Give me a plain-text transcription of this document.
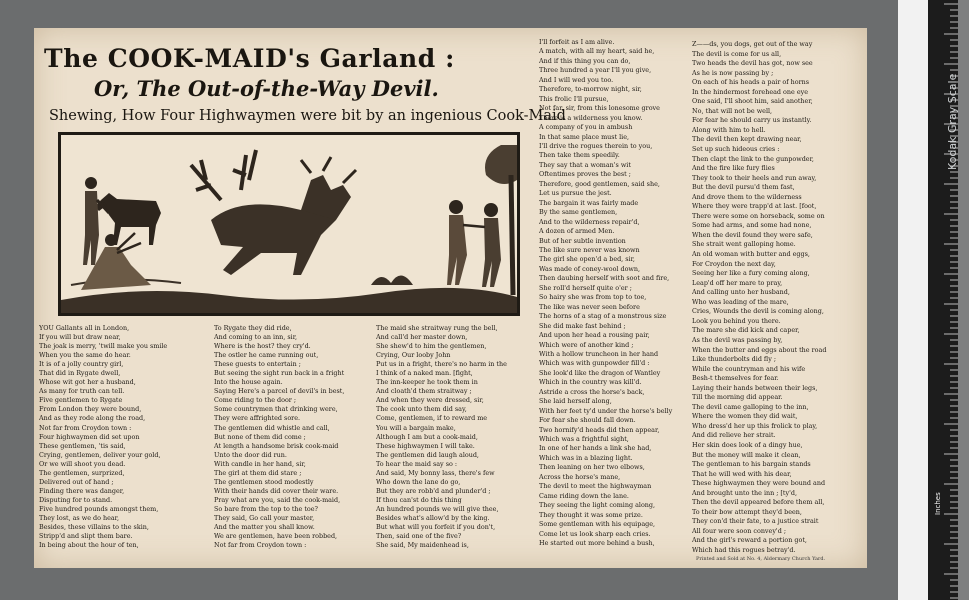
The COOK-MAID's Garland :
Or, The Out-of-the-Way Devil.
Shewing, How Four Highwaymen were bit by an ingenious Cook-Maid
YOU Gallants all in London,
If you will but draw near,
The joak is merry, 'twill make you smile
When you the same do hear.
It is of a jolly country girl,
That did in Rygate dwell,
Whose wit got her a husband,
As many for truth can tell.
Five gentlemen to Rygate
From London they were bound,
And as they rode along the road,
Not far from Croydon town :
Four highwaymen did set upon
These gentlemen, 'tis said,
Crying, gentlemen, deliver your gold,
Or we will shoot you dead.
The gentlemen, surprized,
Delivered out of hand ;
Finding there was danger,
Disputing for to stand.
Five hundred pounds amongst them,
They lost, as we do hear,
Besides, these villains to the skin,
Stripp'd and slipt them bare.
In being about the hour of ten,
To Rygate they did ride,
And coming to an inn, sir,
Where is the host? they cry'd.
The ostler he came running out,
These guests to entertain ;
But seeing the sight run back in a fright
Into the house again.
Saying Here's a parcel of devil's in best,
Come riding to the door ;
Some countrymen that drinking were,
They were affrighted sore.
The gentlemen did whistle and call,
But none of them did come ;
At length a handsome brisk cook-maid
Unto the door did run.
With candle in her hand, sir,
The girl at them did stare ;
The gentlemen stood modestly
With their hands did cover their ware.
Pray what are you, said the cook-maid,
So bare from the top to the toe?
They said, Go call your master,
And the matter you shall know.
We are gentlemen, have been robbed,
Not far from Croydon town :
The maid she straitway rung the bell,
And call'd her master down,
She shew'd to him the gentlemen,
Crying, Our looby John
Put us in a fright, there's no harm in the
I think of a naked man. [fight,
The inn-keeper he took them in
And cloath'd them straitway ;
And when they were dressed, sir,
The cook unto them did say,
Come, gentlemen, if to reward me
You will a bargain make,
Although I am but a cook-maid,
These highwaymen I will take.
The gentlemen did laugh aloud,
To hear the maid say so :
And said, My bonny lass, there's few
Who down the lane do go,
But they are robb'd and plunder'd ;
If thou can'st do this thing
An hundred pounds we will give thee,
Besides what's allow'd by the king.
But what will you forfeit if you don't,
Then, said one of the five?
She said, My maidenhead is,
I'll forfeit as I am alive.
A match, with all my heart, said he,
And if this thing you can do,
Three hundred a year I'll you give,
And I will wed you too.
Therefore, to-morrow night, sir,
This frolic I'll pursue,
Not far, sir, from this lonesome grove
There is a wilderness you know.
A company of you in ambush
In that same place must lie,
I'll drive the rogues therein to you,
Then take them speedily.
They say that a woman's wit
Oftentimes proves the best ;
Therefore, good gentlemen, said she,
Let us pursue the jest.
The bargain it was fairly made
By the same gentlemen,
And to the wilderness repair'd,
A dozen of armed Men.
But of her subtle invention
The like sure never was known
The girl she open'd a bed, sir,
Was made of coney-wool down,
Then daubing herself with soot and fire,
She roll'd herself quite o'er ;
So hairy she was from top to toe,
The like was never seen before
The horns of a stag of a monstrous size
She did make fast behind ;
And upon her head a rousing pair,
Which were of another kind ;
With a hollow truncheon in her hand
Which was with gunpowder fill'd :
She look'd like the dragon of Wantley
Which in the country was kill'd.
Astride a cross the horse's back,
She laid herself along,
With her feet ty'd under the horse's belly
For fear she should fall down.
Two hornify'd heads did then appear,
Which was a frightful sight,
In one of her hands a link she had,
Which was in a blazing light.
Then leaning on her two elbows,
Across the horse's mane,
The devil to meet the highwayman
Came riding down the lane.
They seeing the light coming along,
They thought it was some prize.
Some gentleman with his equipage,
Come let us look sharp each cries.
He started out more behind a bush,
Z——ds, you dogs, get out of the way
The devil is come for us all,
Two heads the devil has got, now see
As he is now passing by ;
On each of his heads a pair of horns
In the hindermost forehead one eye
One said, I'll shoot him, said another,
No, that will not be well,
For fear he should carry us instantly.
Along with him to hell.
The devil then kept drawing near,
Set up such hideous cries :
Then clapt the link to the gunpowder,
And the fire like fury flies
They took to their heels and run away,
But the devil pursu'd them fast,
And drove them to the wilderness
Where they were trapp'd at last. [foot,
There were some on horseback, some on
Some had arms, and some had none,
When the devil found they were safe,
She strait went galloping home.
An old woman with butter and eggs,
For Croydon the next day,
Seeing her like a fury coming along,
Leap'd off her mare to pray,
And calling unto her husband,
Who was leading of the mare,
Cries, Wounds the devil is coming along,
Look you behind you there.
The mare she did kick and caper,
As the devil was passing by,
When the butter and eggs about the road
Like thunderbolts did fly ;
While the countryman and his wife
Besh-t themselves for fear.
Laying their hands between their legs,
Till the morning did appear.
The devil came galloping to the inn,
Where the women they did wait,
Who dress'd her up this frolick to play,
And did relieve her strait.
Her skin does look of a dingy hue,
But the money will make it clean,
The gentleman to his bargain stands
That he will wed with his dear,
These highwaymen they were bound and
And brought unto the inn ; [ty'd,
Then the devil appeared before them all,
To their bow attempt they'd been,
They con'd their fate, to a justice strait
All four were soon convey'd ;
And the girl's reward a portion got,
Which had this rogues betray'd.
Printed and Sold at No. 4, Aldermary Church Yard.
Kodak Gray Scale
Inches
